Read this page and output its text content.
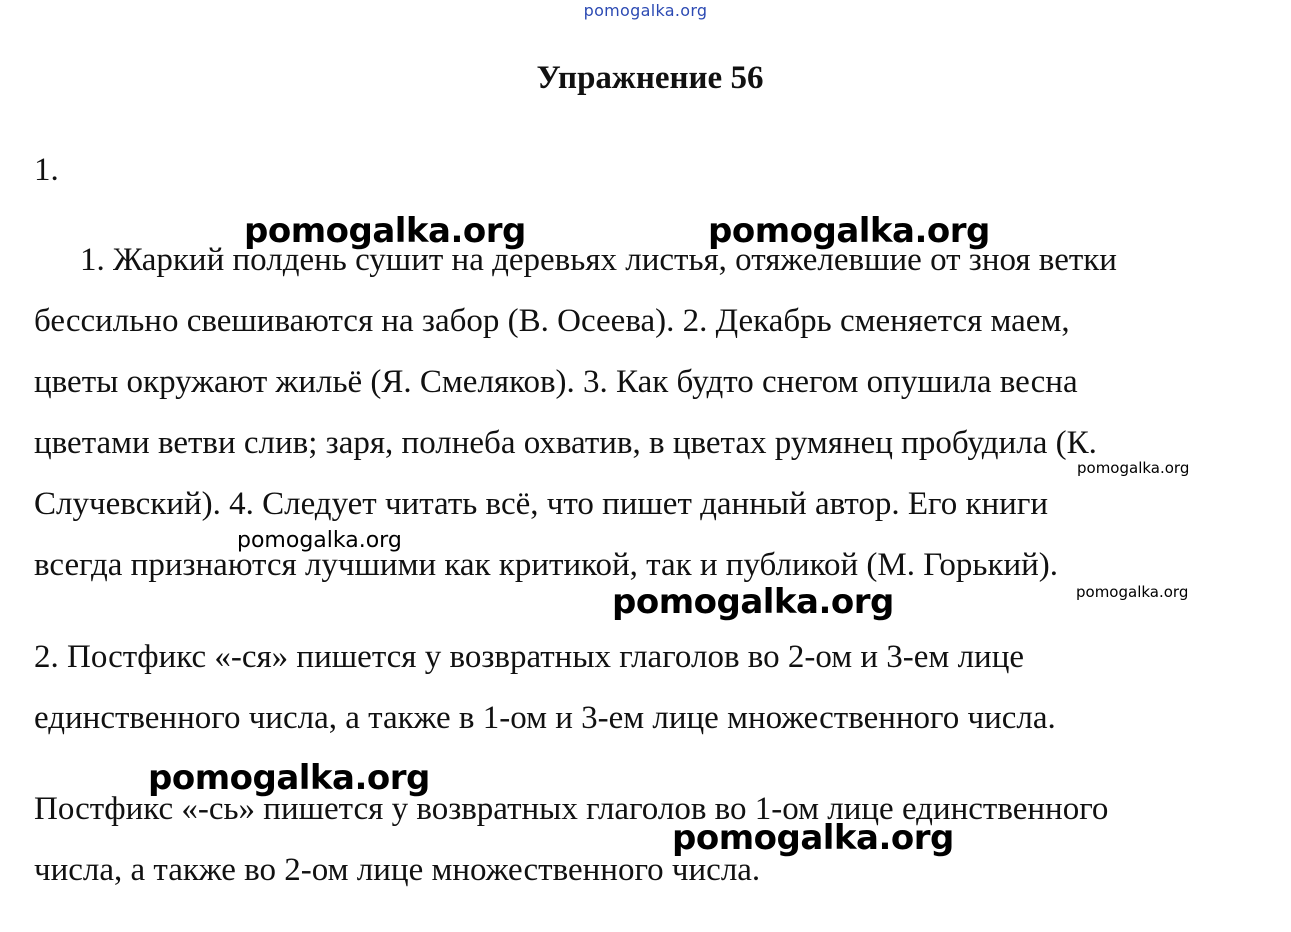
pomogalka.org
Упражнение 56

1.

1. Жаркий полдень сушит на деревьях листья, отяжелевшие от зноя ветки

бессильно свешиваются на забор (В. Осеева). 2. Декабрь сменяется маем,

цветы окружают жильё (Я. Смеляков). 3. Как будто снегом опушила весна

цветами ветви слив; заря, полнеба охватив, в цветах румянец пробудила (К.

Случевский). 4. Следует читать всё, что пишет данный автор. Его книги

всегда признаются лучшими как критикой, так и публикой (М. Горький).

2. Постфикс «-ся» пишется у возвратных глаголов во 2-ом и 3-ем лице

единственного числа, а также в 1-ом и 3-ем лице множественного числа.

Постфикс «-сь» пишется у возвратных глаголов во 1-ом лице единственного

числа, а также во 2-ом лице множественного числа.

pomogalka.org	pomogalka.org
pomogalka.org
pomogalka.org
pomogalka.org	pomogalka.org
pomogalka.org
pomogalka.org
